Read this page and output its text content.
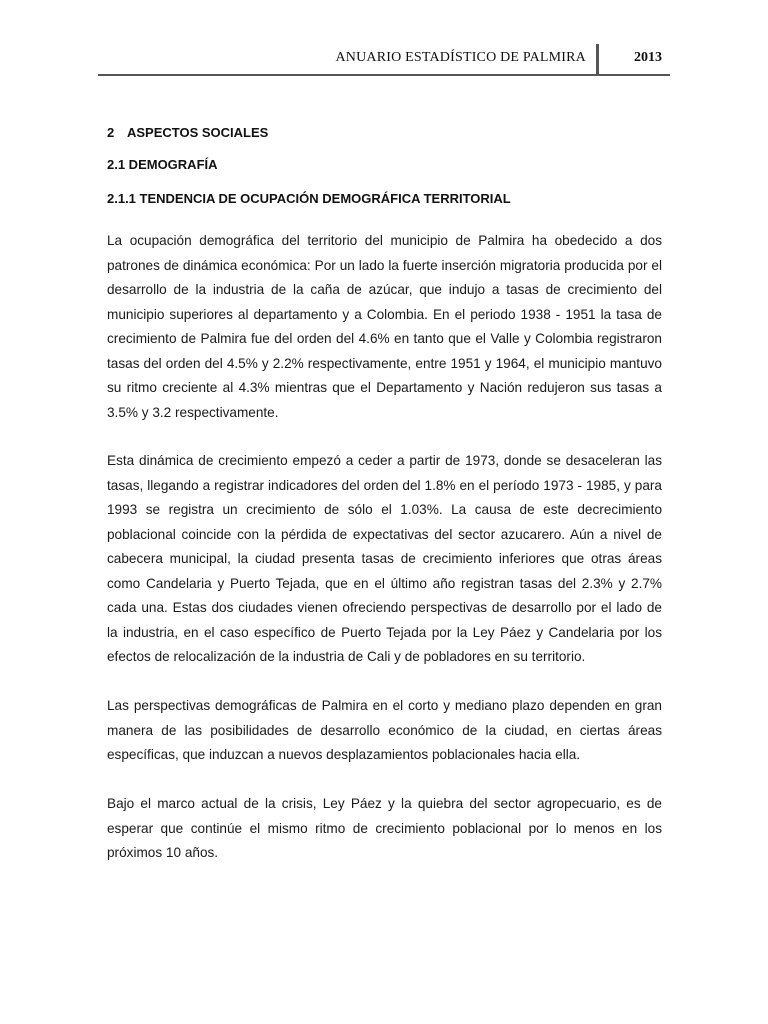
ANUARIO ESTADÍSTICO DE PALMIRA	2013
2 ASPECTOS SOCIALES
2.1 DEMOGRAFÍA
2.1.1 TENDENCIA DE OCUPACIÓN DEMOGRÁFICA TERRITORIAL

La ocupación demográfica del territorio del municipio de Palmira ha obedecido a dos patrones de dinámica económica: Por un lado la fuerte inserción migratoria producida por el desarrollo de la industria de la caña de azúcar, que indujo a tasas de crecimiento del municipio superiores al departamento y a Colombia. En el periodo 1938 - 1951 la tasa de crecimiento de Palmira fue del orden del 4.6% en tanto que el Valle y Colombia registraron tasas del orden del 4.5% y 2.2% respectivamente, entre 1951 y 1964, el municipio mantuvo su ritmo creciente al 4.3% mientras que el Departamento y Nación redujeron sus tasas a 3.5% y 3.2 respectivamente.

Esta dinámica de crecimiento empezó a ceder a partir de 1973, donde se desaceleran las tasas, llegando a registrar indicadores del orden del 1.8% en el período 1973 - 1985, y para 1993 se registra un crecimiento de sólo el 1.03%. La causa de este decrecimiento poblacional coincide con la pérdida de expectativas del sector azucarero. Aún a nivel de cabecera municipal, la ciudad presenta tasas de crecimiento inferiores que otras áreas como Candelaria y Puerto Tejada, que en el último año registran tasas del 2.3% y 2.7% cada una. Estas dos ciudades vienen ofreciendo perspectivas de desarrollo por el lado de la industria, en el caso específico de Puerto Tejada por la Ley Páez y Candelaria por los efectos de relocalización de la industria de Cali y de pobladores en su territorio.

Las perspectivas demográficas de Palmira en el corto y mediano plazo dependen en gran manera de las posibilidades de desarrollo económico de la ciudad, en ciertas áreas específicas, que induzcan a nuevos desplazamientos poblacionales hacia ella.

Bajo el marco actual de la crisis, Ley Páez y la quiebra del sector agropecuario, es de esperar que continúe el mismo ritmo de crecimiento poblacional por lo menos en los próximos 10 años.
